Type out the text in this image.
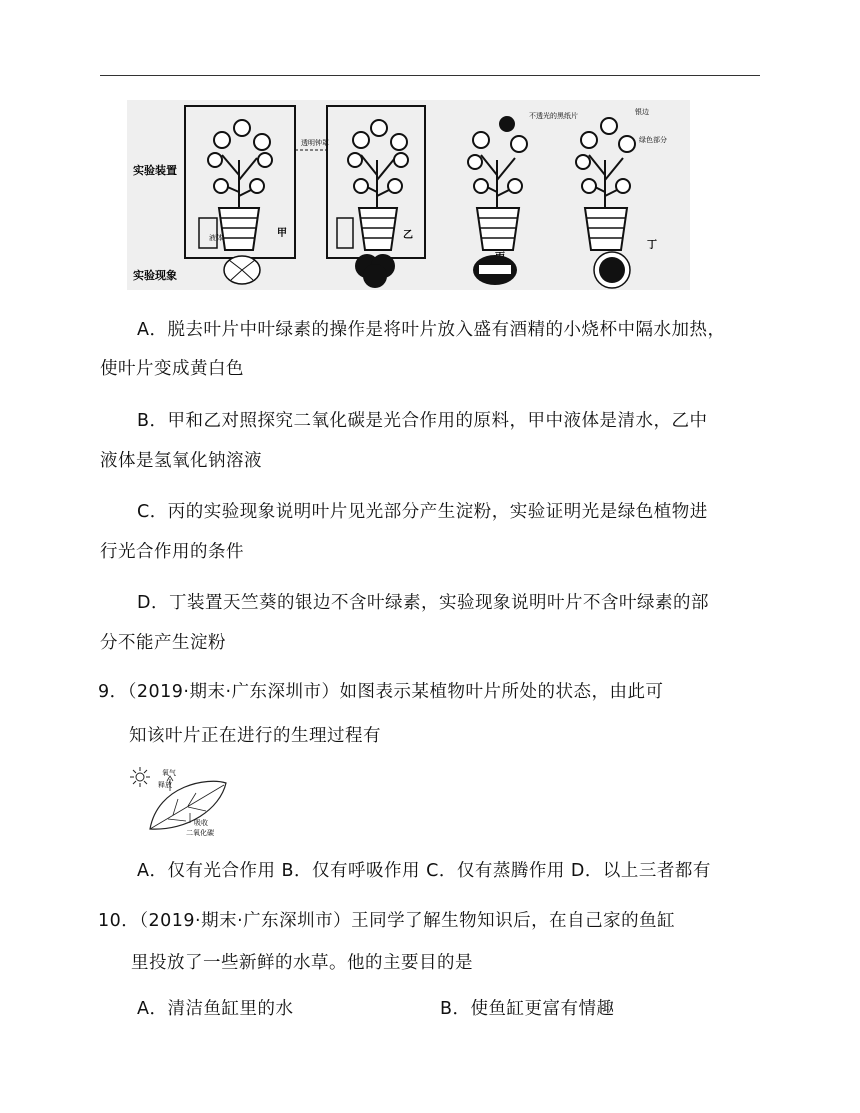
实验装置
实验现象
液体	甲
透明钟罩
乙
不透光的黑纸片	银边
绿色部分
丁
A．脱去叶片中叶绿素的操作是将叶片放入盛有酒精的小烧杯中隔水加热，
使叶片变成黄白色
B．甲和乙对照探究二氧化碳是光合作用的原料，甲中液体是清水，乙中
液体是氢氧化钠溶液
C．丙的实验现象说明叶片见光部分产生淀粉，实验证明光是绿色植物进
行光合作用的条件
D．丁装置天竺葵的银边不含叶绿素，实验现象说明叶片不含叶绿素的部
分不能产生淀粉
9．（2019·期末·广东深圳市）如图表示某植物叶片所处的状态，由此可
知该叶片正在进行的生理过程有
氧气
释放
吸收
二氧化碳
A．仅有光合作用 B．仅有呼吸作用 C．仅有蒸腾作用 D．以上三者都有
10．（2019·期末·广东深圳市）王同学了解生物知识后，在自己家的鱼缸
里投放了一些新鲜的水草。他的主要目的是
A．清洁鱼缸里的水	B．使鱼缸更富有情趣
